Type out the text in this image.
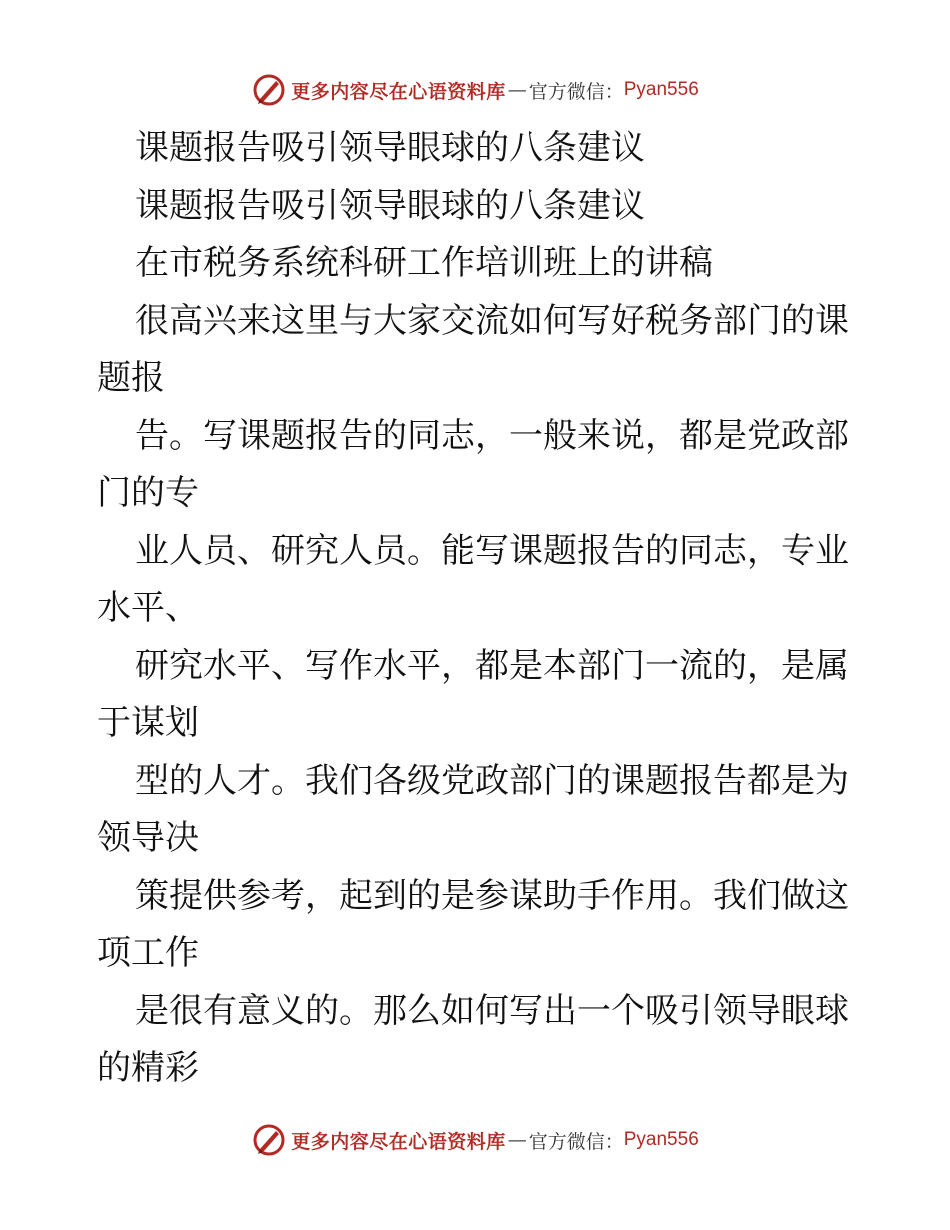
更多内容尽在心语资料库 — 官方微信： Pyan556
课题报告吸引领导眼球的八条建议
课题报告吸引领导眼球的八条建议
在市税务系统科研工作培训班上的讲稿
很高兴来这里与大家交流如何写好税务部门的课
题报
告。写课题报告的同志，一般来说，都是党政部
门的专
业人员、研究人员。能写课题报告的同志，专业
水平、
研究水平、写作水平，都是本部门一流的，是属
于谋划
型的人才。我们各级党政部门的课题报告都是为
领导决
策提供参考，起到的是参谋助手作用。我们做这
项工作
是很有意义的。那么如何写出一个吸引领导眼球
的精彩
更多内容尽在心语资料库 — 官方微信： Pyan556
